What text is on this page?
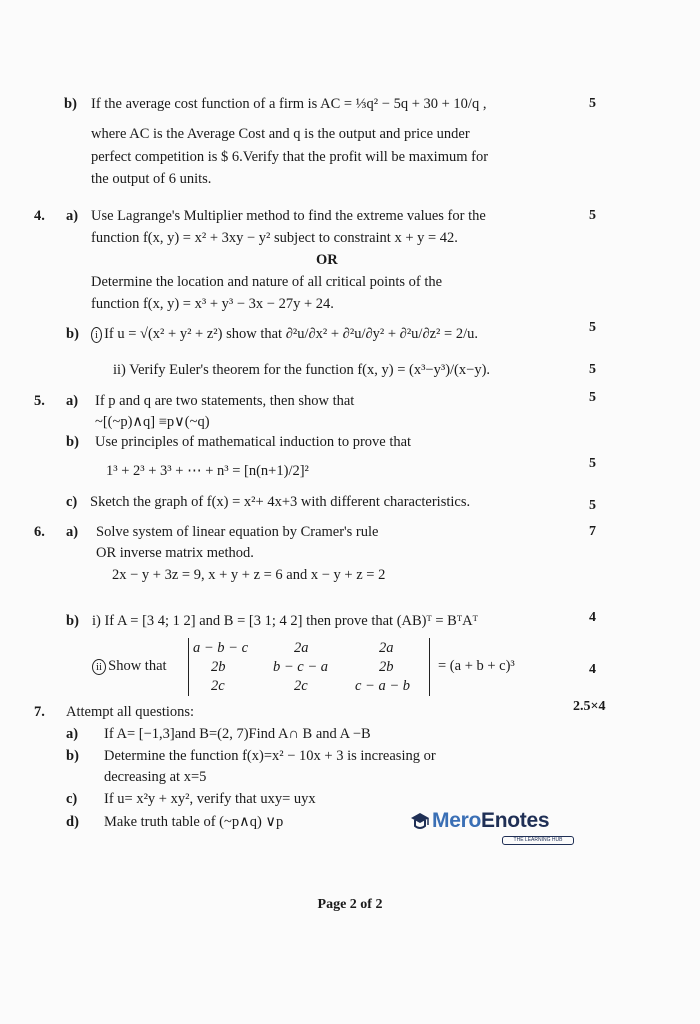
b) If the average cost function of a firm is AC = ⅓q² − 5q + 30 + 10/q ,
where AC is the Average Cost and q is the output and price under
perfect competition is $ 6.Verify that the profit will be maximum for
the output of 6 units.
5
4. a) Use Lagrange's Multiplier method to find the extreme values for the
function f(x, y) = x² + 3xy − y² subject to constraint x + y = 42.
5
OR
Determine the location and nature of all critical points of the
function f(x, y) = x³ + y³ − 3x − 27y + 24.
b)	i If u = √(x² + y² + z²) show that ∂²u/∂x² + ∂²u/∂y² + ∂²u/∂z² = 2/u.	5
ii) Verify Euler's theorem for the function f(x, y) = (x³−y³)/(x−y).	5
5. a) If p and q are two statements, then show that
~[(~p)∧q] ≡p∨(~q)
5
b) Use principles of mathematical induction to prove that
1³ + 2³ + 3³ + ⋯ + n³ = [n(n+1)/2]²	5
c) Sketch the graph of f(x) = x²+ 4x+3 with different characteristics.	5
6. a) Solve system of linear equation by Cramer's rule
OR inverse matrix method.
2x − y + 3z = 9, x + y + z = 6 and x − y + z = 2
7
b) i) If A = [3 4; 1 2] and B = [3 1; 4 2] then prove that (AB)ᵀ = BᵀAᵀ	4
ii Show that
a − b − c	2a	2a
2b	b − c − a	2b
2c	2c	c − a − b
= (a + b + c)³	4
7. Attempt all questions:	2.5×4
a) If A= [−1,3]and B=(2, 7)Find A∩ B and A −B
b) Determine the function f(x)=x² − 10x + 3 is increasing or
decreasing at x=5
c) If u= x²y + xy², verify that uxy= uyx
d) Make truth table of (~p∧q) ∨p	MeroEnotes
THE LEARNING HUB
Page 2 of 2
